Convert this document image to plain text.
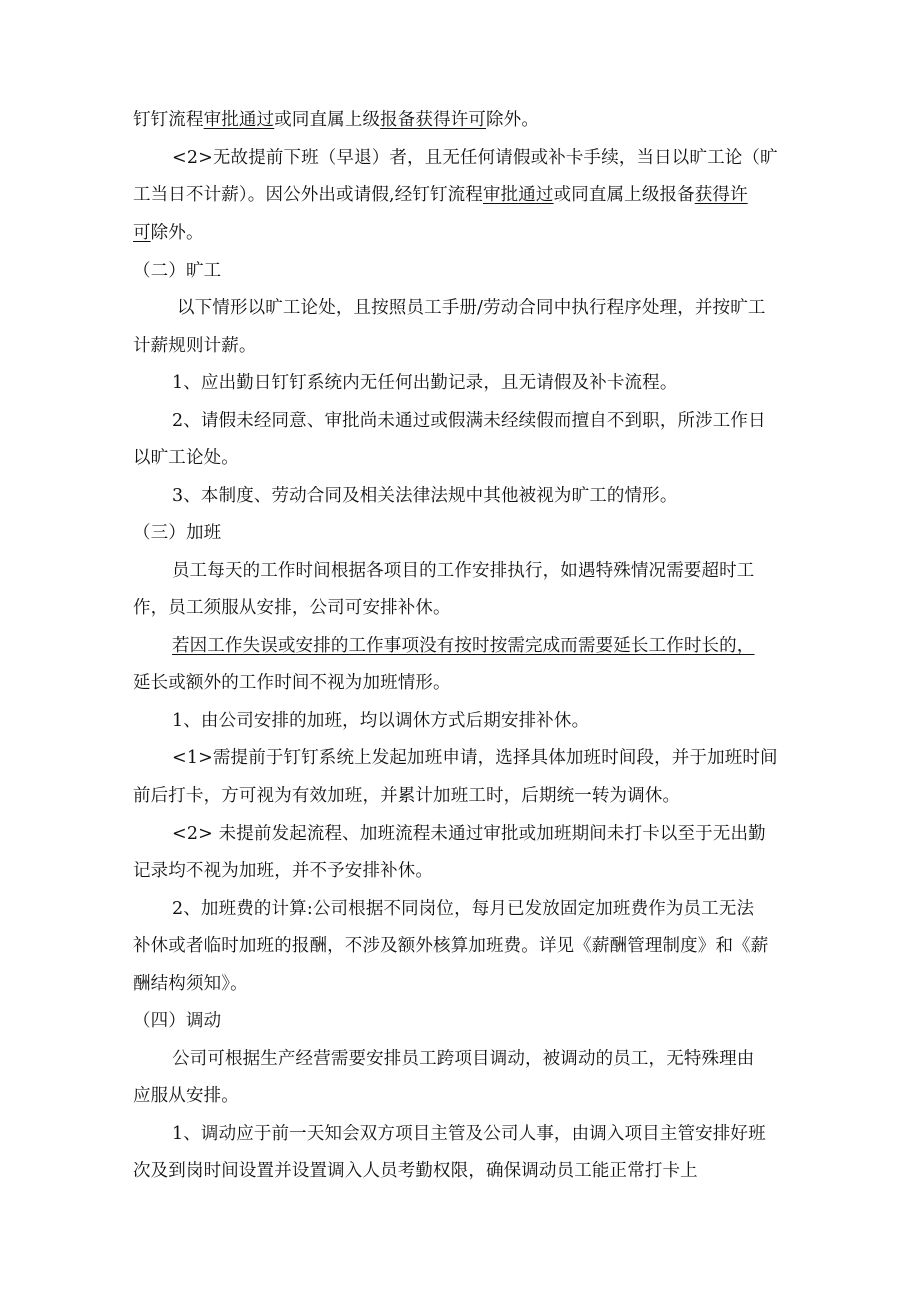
钉钉流程审批通过或同直属上级报备获得许可除外。
<2>无故提前下班（早退）者，且无任何请假或补卡手续，当日以旷工论（旷
工当日不计薪）。因公外出或请假,经钉钉流程审批通过或同直属上级报备获得许
可除外。
（二）旷工
以下情形以旷工论处，且按照员工手册/劳动合同中执行程序处理，并按旷工
计薪规则计薪。
1、应出勤日钉钉系统内无任何出勤记录，且无请假及补卡流程。
2、请假未经同意、审批尚未通过或假满未经续假而擅自不到职，所涉工作日
以旷工论处。
3、本制度、劳动合同及相关法律法规中其他被视为旷工的情形。
（三）加班
员工每天的工作时间根据各项目的工作安排执行，如遇特殊情况需要超时工
作，员工须服从安排，公司可安排补休。
若因工作失误或安排的工作事项没有按时按需完成而需要延长工作时长的，
延长或额外的工作时间不视为加班情形。
1、由公司安排的加班，均以调休方式后期安排补休。
<1>需提前于钉钉系统上发起加班申请，选择具体加班时间段，并于加班时间
前后打卡，方可视为有效加班，并累计加班工时，后期统一转为调休。
<2> 未提前发起流程、加班流程未通过审批或加班期间未打卡以至于无出勤
记录均不视为加班，并不予安排补休。
2、加班费的计算:公司根据不同岗位，每月已发放固定加班费作为员工无法
补休或者临时加班的报酬，不涉及额外核算加班费。详见《薪酬管理制度》和《薪
酬结构须知》。
（四）调动
公司可根据生产经营需要安排员工跨项目调动，被调动的员工，无特殊理由
应服从安排。
1、调动应于前一天知会双方项目主管及公司人事，由调入项目主管安排好班
次及到岗时间设置并设置调入人员考勤权限，确保调动员工能正常打卡上
